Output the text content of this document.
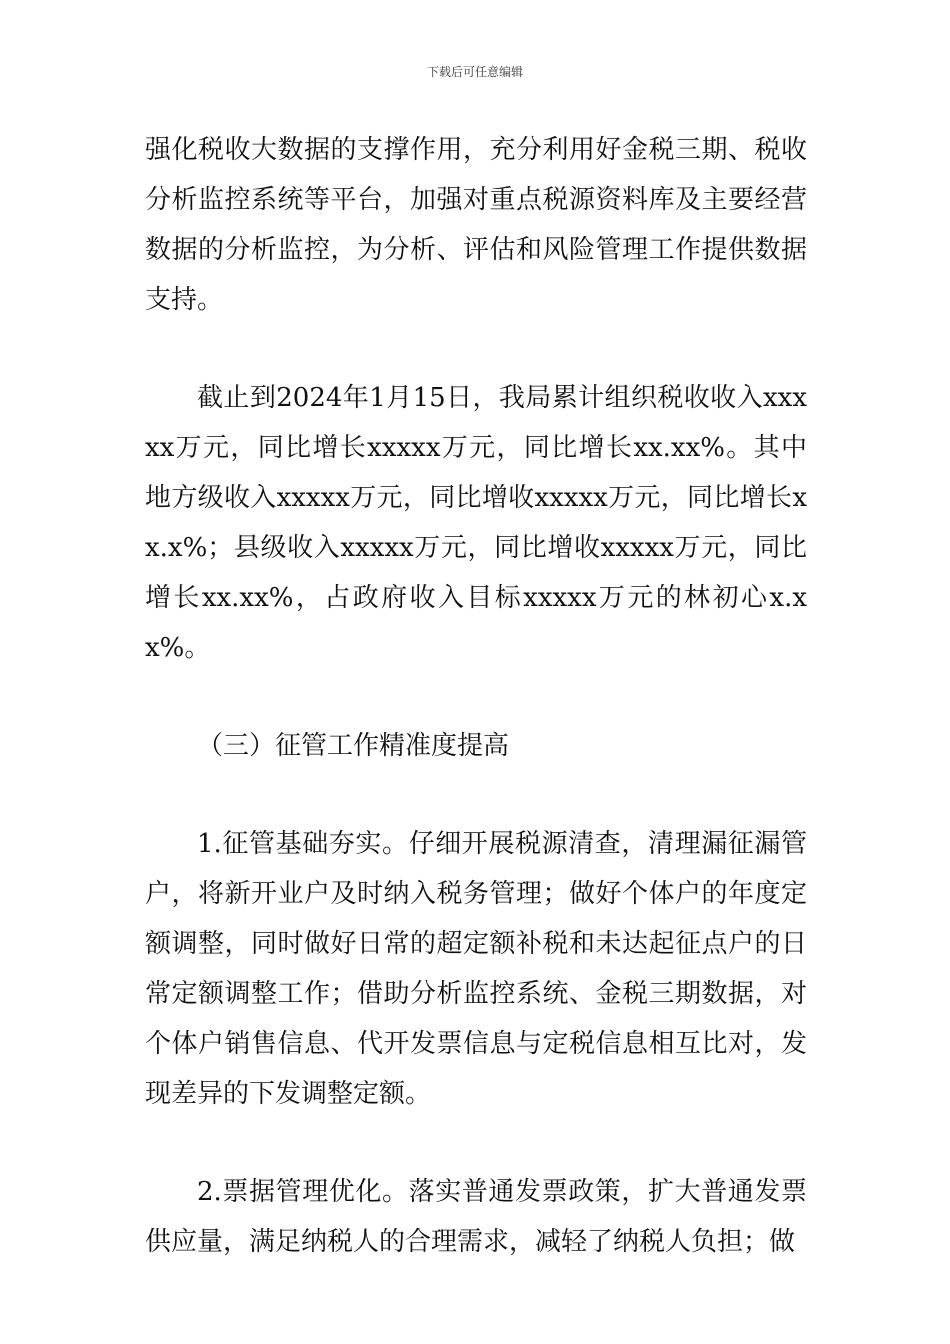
下载后可任意编辑

强化税收大数据的支撑作用，充分利用好金税三期、税收分析监控系统等平台，加强对重点税源资料库及主要经营数据的分析监控，为分析、评估和风险管理工作提供数据支持。

截止到2024年1月15日，我局累计组织税收收入xxxxx万元，同比增长xxxxx万元，同比增长xx.xx%。其中地方级收入xxxxx万元，同比增收xxxxx万元，同比增长xx.x%；县级收入xxxxx万元，同比增收xxxxx万元，同比增长xx.xx%，占政府收入目标xxxxx万元的林初心x.xx%。

（三）征管工作精准度提高

1.征管基础夯实。仔细开展税源清查，清理漏征漏管户，将新开业户及时纳入税务管理；做好个体户的年度定额调整，同时做好日常的超定额补税和未达起征点户的日常定额调整工作；借助分析监控系统、金税三期数据，对个体户销售信息、代开发票信息与定税信息相互比对，发现差异的下发调整定额。

2.票据管理优化。落实普通发票政策，扩大普通发票供应量，满足纳税人的合理需求，减轻了纳税人负担；做
